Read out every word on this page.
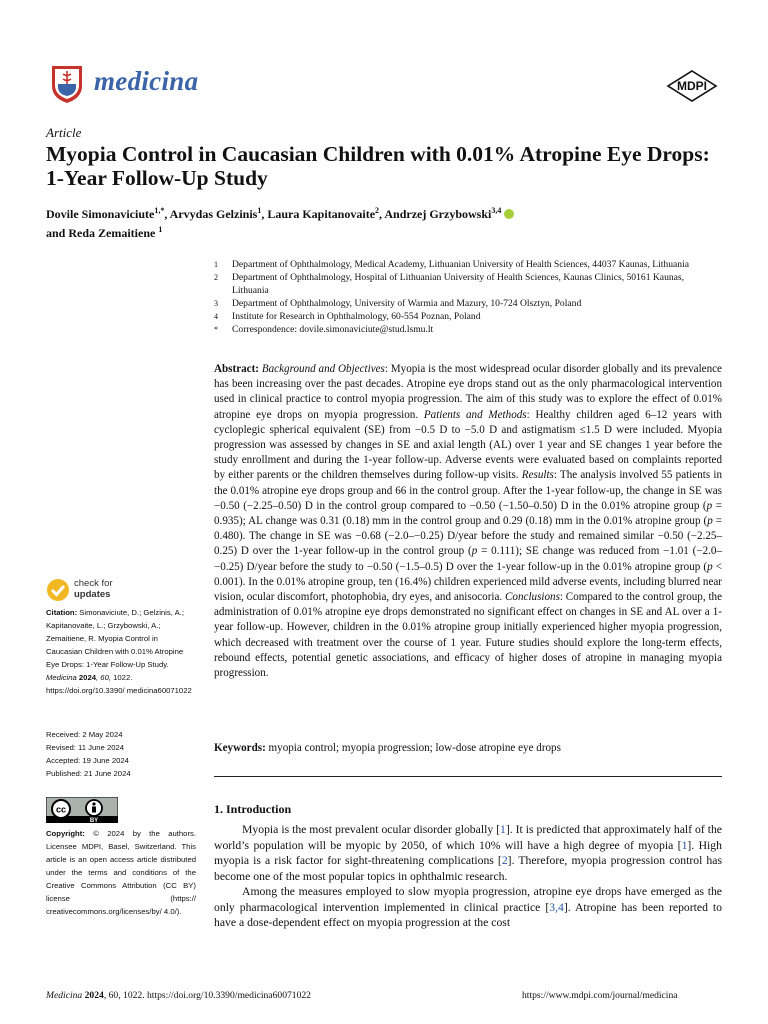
medicina	MDPI
Article
Myopia Control in Caucasian Children with 0.01% Atropine Eye Drops: 1-Year Follow-Up Study
Dovile Simonaviciute$^{1,*}$, Arvydas Gelzinis$^1$, Laura Kapitanovaite$^2$, Andrzej Grzybowski$^{3,4}$
and Reda Zemaitiene $^1$
1	Department of Ophthalmology, Medical Academy, Lithuanian University of Health Sciences, 44037 Kaunas, Lithuania
2	Department of Ophthalmology, Hospital of Lithuanian University of Health Sciences, Kaunas Clinics, 50161 Kaunas, Lithuania
3	Department of Ophthalmology, University of Warmia and Mazury, 10-724 Olsztyn, Poland
4	Institute for Research in Ophthalmology, 60-554 Poznan, Poland
*	Correspondence: dovile.simonaviciute@stud.lsmu.lt
Abstract: Background and Objectives: Myopia is the most widespread ocular disorder globally and its prevalence has been increasing over the past decades. Atropine eye drops stand out as the only pharmacological intervention used in clinical practice to control myopia progression. The aim of this study was to explore the effect of 0.01% atropine eye drops on myopia progression. Patients and Methods: Healthy children aged 6–12 years with cycloplegic spherical equivalent (SE) from −0.5 D to −5.0 D and astigmatism ≤1.5 D were included. Myopia progression was assessed by changes in SE and axial length (AL) over 1 year and SE changes 1 year before the study enrollment and during the 1-year follow-up. Adverse events were evaluated based on complaints reported by either parents or the children themselves during follow-up visits. Results: The analysis involved 55 patients in the 0.01% atropine eye drops group and 66 in the control group. After the 1-year follow-up, the change in SE was −0.50 (−2.25–0.50) D in the control group compared to −0.50 (−1.50–0.50) D in the 0.01% atropine group (p = 0.935); AL change was 0.31 (0.18) mm in the control group and 0.29 (0.18) mm in the 0.01% atropine group (p = 0.480). The change in SE was −0.68 (−2.0–−0.25) D/year before the study and remained similar −0.50 (−2.25–0.25) D over the 1-year follow-up in the control group (p = 0.111); SE change was reduced from −1.01 (−2.0–−0.25) D/year before the study to −0.50 (−1.5–0.5) D over the 1-year follow-up in the 0.01% atropine group (p < 0.001). In the 0.01% atropine group, ten (16.4%) children experienced mild adverse events, including blurred near vision, ocular discomfort, photophobia, dry eyes, and anisocoria. Conclusions: Compared to the control group, the administration of 0.01% atropine eye drops demonstrated no significant effect on changes in SE and AL over a 1-year follow-up. However, children in the 0.01% atropine group initially experienced higher myopia progression, which decreased with treatment over the course of 1 year. Future studies should explore the long-term effects, rebound effects, potential genetic associations, and efficacy of higher doses of atropine in managing myopia progression.
Keywords: myopia control; myopia progression; low-dose atropine eye drops
check for
updates
Citation: Simonaviciute, D.; Gelzinis, A.; Kapitanovaite, L.; Grzybowski, A.; Zemaitiene, R. Myopia Control in Caucasian Children with 0.01% Atropine Eye Drops: 1-Year Follow-Up Study. Medicina 2024, 60, 1022. https://doi.org/10.3390/ medicina60071022
Received: 2 May 2024
Revised: 11 June 2024
Accepted: 19 June 2024
Published: 21 June 2024
cc
BY
Copyright: © 2024 by the authors. Licensee MDPI, Basel, Switzerland. This article is an open access article distributed under the terms and conditions of the Creative Commons Attribution (CC BY) license (https:// creativecommons.org/licenses/by/ 4.0/).
1. Introduction

Myopia is the most prevalent ocular disorder globally [1]. It is predicted that approximately half of the world’s population will be myopic by 2050, of which 10% will have a high degree of myopia [1]. High myopia is a risk factor for sight-threatening complications [2]. Therefore, myopia progression control has become one of the most popular topics in ophthalmic research.

Among the measures employed to slow myopia progression, atropine eye drops have emerged as the only pharmacological intervention implemented in clinical practice [3,4]. Atropine has been reported to have a dose-dependent effect on myopia progression at the cost

Medicina 2024, 60, 1022. https://doi.org/10.3390/medicina60071022	https://www.mdpi.com/journal/medicina
